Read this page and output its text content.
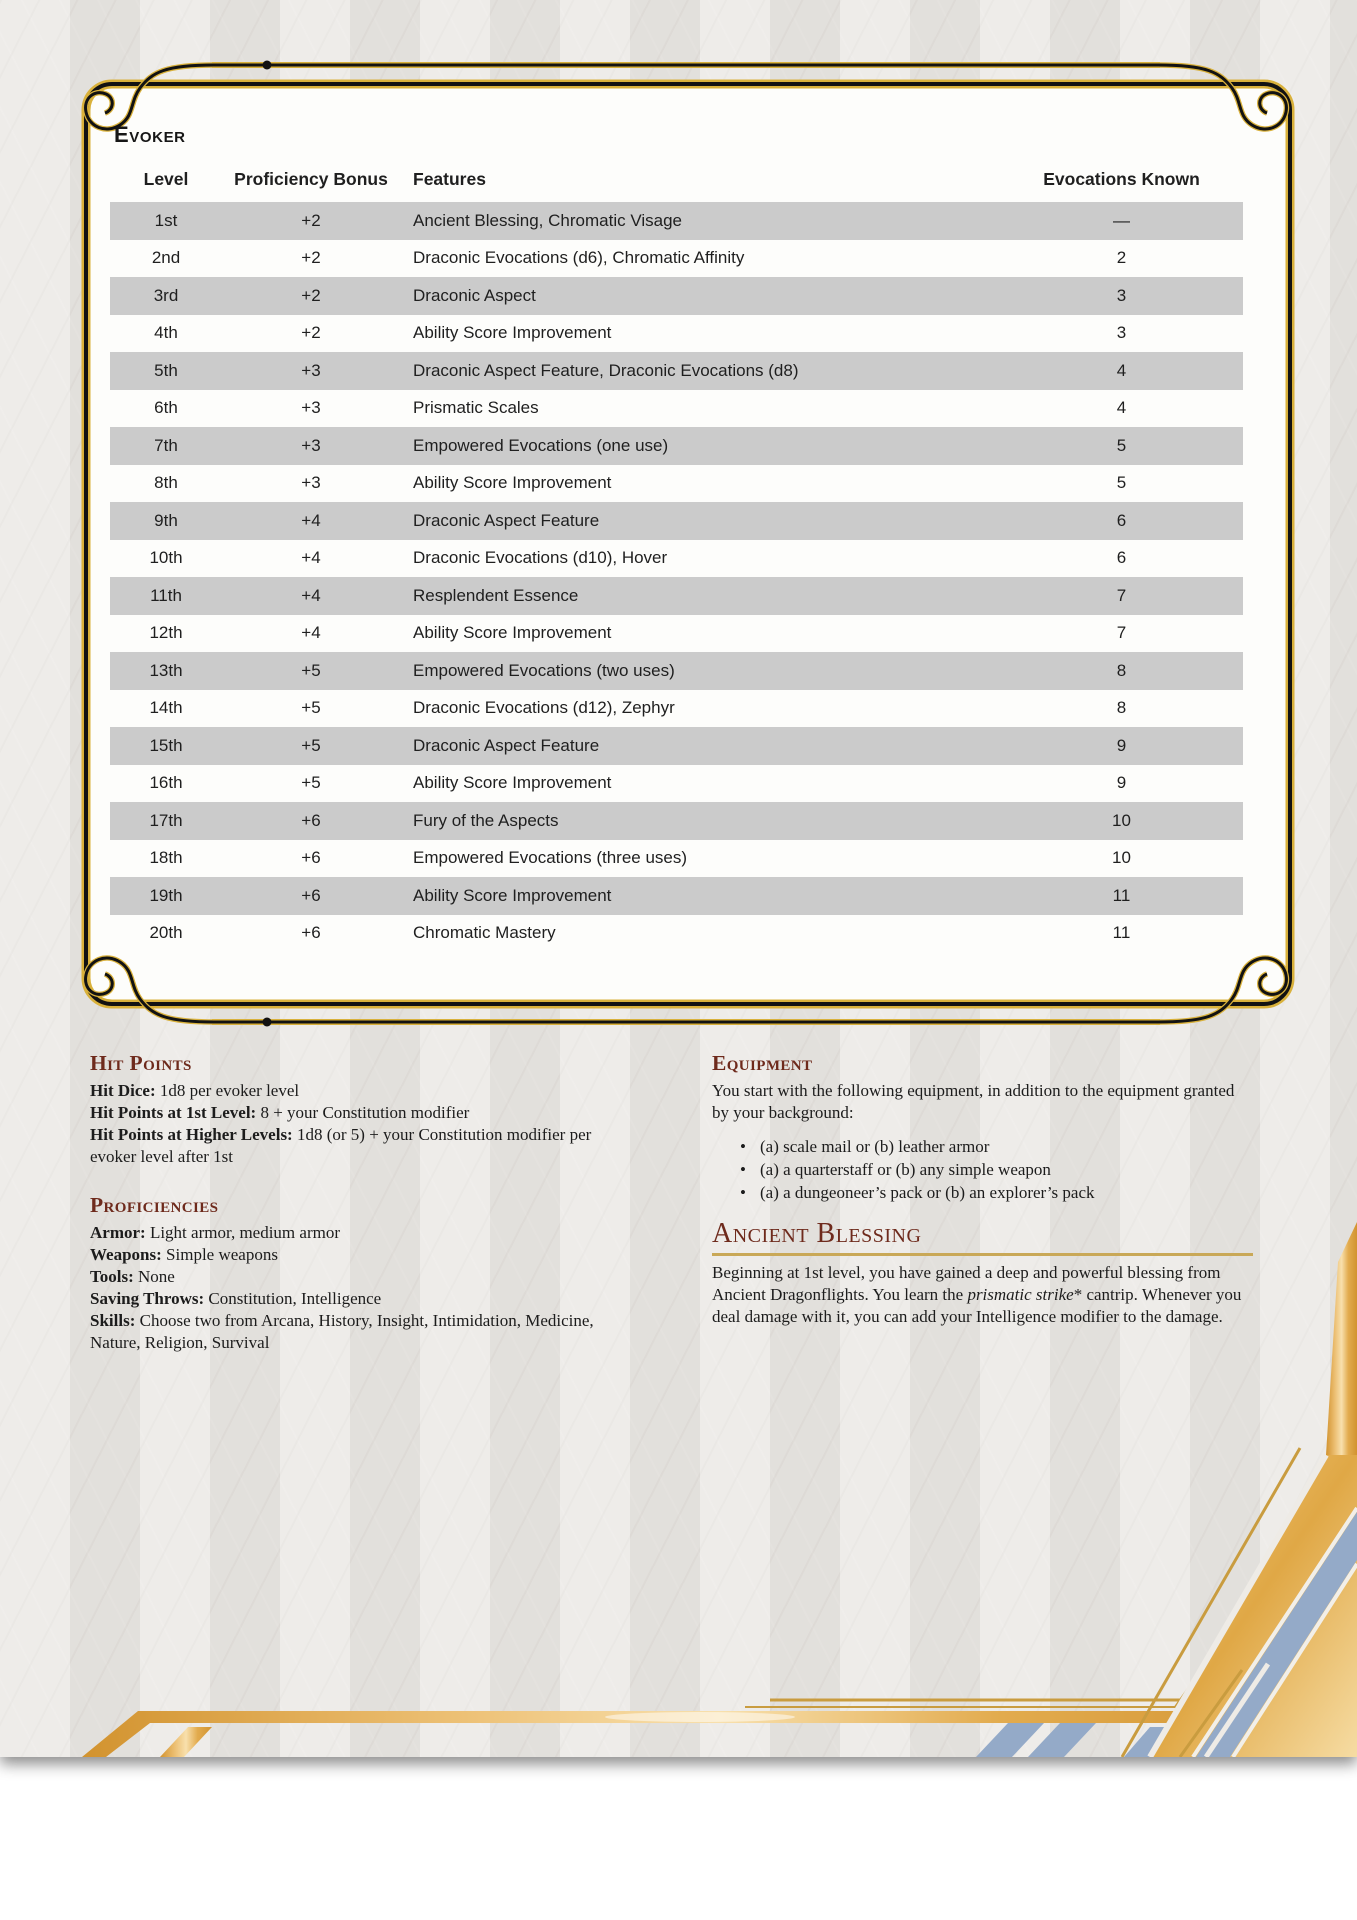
Evoker
Level	Proficiency Bonus	Features	Evocations Known
1st	+2	Ancient Blessing, Chromatic Visage	—
2nd	+2	Draconic Evocations (d6), Chromatic Affinity	2
3rd	+2	Draconic Aspect	3
4th	+2	Ability Score Improvement	3
5th	+3	Draconic Aspect Feature, Draconic Evocations (d8)	4
6th	+3	Prismatic Scales	4
7th	+3	Empowered Evocations (one use)	5
8th	+3	Ability Score Improvement	5
9th	+4	Draconic Aspect Feature	6
10th	+4	Draconic Evocations (d10), Hover	6
11th	+4	Resplendent Essence	7
12th	+4	Ability Score Improvement	7
13th	+5	Empowered Evocations (two uses)	8
14th	+5	Draconic Evocations (d12), Zephyr	8
15th	+5	Draconic Aspect Feature	9
16th	+5	Ability Score Improvement	9
17th	+6	Fury of the Aspects	10
18th	+6	Empowered Evocations (three uses)	10
19th	+6	Ability Score Improvement	11
20th	+6	Chromatic Mastery	11
Hit Points

Hit Dice: 1d8 per evoker level

Hit Points at 1st Level: 8 + your Constitution modifier

Hit Points at Higher Levels: 1d8 (or 5) + your Constitution modifier per evoker level after 1st

Proficiencies

Armor: Light armor, medium armor

Weapons: Simple weapons

Tools: None

Saving Throws: Constitution, Intelligence

Skills: Choose two from Arcana, History, Insight, Intimidation, Medicine, Nature, Religion, Survival

Equipment

You start with the following equipment, in addition to the equipment granted by your background:

• (a) scale mail or (b) leather armor
• (a) a quarterstaff or (b) any simple weapon
• (a) a dungeoneer’s pack or (b) an explorer’s pack
Ancient Blessing

Beginning at 1st level, you have gained a deep and powerful blessing from Ancient Dragonflights. You learn the prismatic strike* cantrip. Whenever you deal damage with it, you can add your Intelligence modifier to the damage.
